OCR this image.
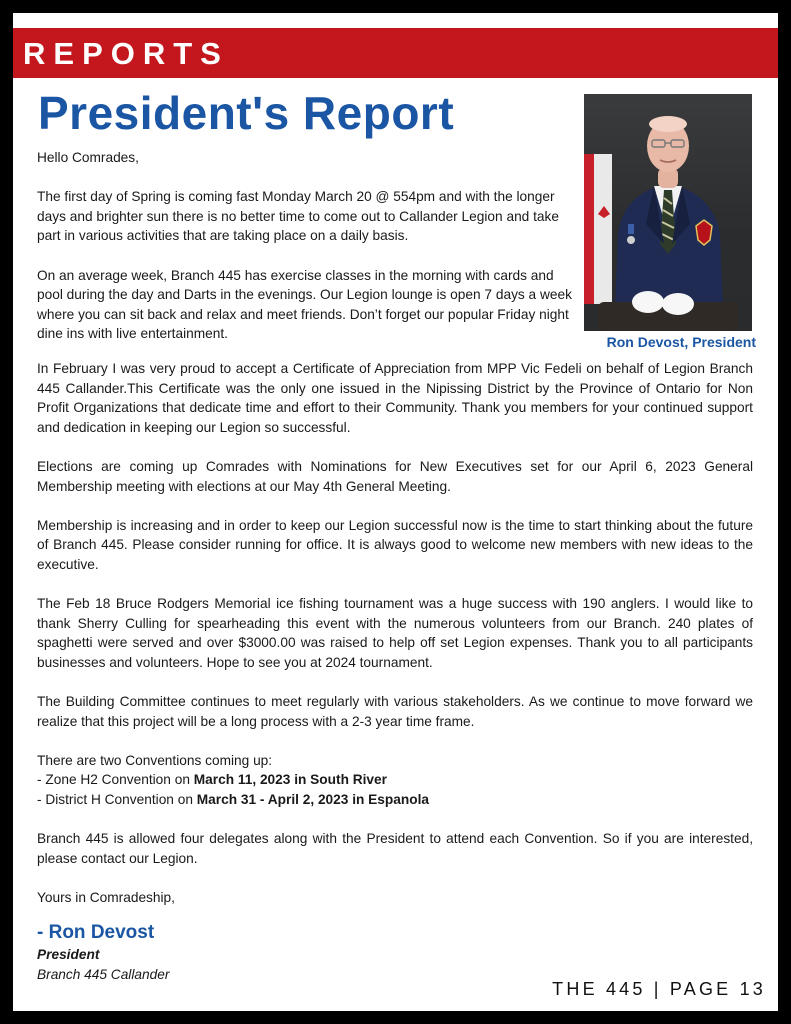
REPORTS
President's Report

Hello Comrades,

The first day of Spring is coming fast Monday March 20 @ 554pm and with the longer days and brighter sun there is no better time to come out to Callander Legion and take part in various activities that are taking place on a daily basis.

On an average week, Branch 445 has exercise classes in the morning with cards and pool during the day and Darts in the evenings. Our Legion lounge is open 7 days a week where you can sit back and relax and meet friends. Don’t forget our popular Friday night dine ins with live entertainment.

Ron Devost, President

In February I was very proud to accept a Certificate of Appreciation from MPP Vic Fedeli on behalf of Legion Branch 445 Callander.This Certificate was the only one issued in the Nipissing District by the Province of Ontario for Non Profit Organizations that dedicate time and effort to their Community. Thank you members for your continued support and dedication in keeping our Legion so successful.

Elections are coming up Comrades with Nominations for New Executives set for our April 6, 2023 General Membership meeting with elections at our May 4th General Meeting.

Membership is increasing and in order to keep our Legion successful now is the time to start thinking about the future of Branch 445. Please consider running for office. It is always good to welcome new members with new ideas to the executive.

The Feb 18 Bruce Rodgers Memorial ice fishing tournament was a huge success with 190 anglers. I would like to thank Sherry Culling for spearheading this event with the numerous volunteers from our Branch. 240 plates of spaghetti were served and over $3000.00 was raised to help off set Legion expenses. Thank you to all participants businesses and volunteers. Hope to see you at 2024 tournament.

The Building Committee continues to meet regularly with various stakeholders. As we continue to move forward we realize that this project will be a long process with a 2-3 year time frame.

There are two Conventions coming up:
- Zone H2 Convention on March 11, 2023 in South River
- District H Convention on March 31 - April 2, 2023 in Espanola

Branch 445 is allowed four delegates along with the President to attend each Convention. So if you are interested, please contact our Legion.

Yours in Comradeship,

- Ron Devost
President
Branch 445 Callander
THE 445 | PAGE 13
